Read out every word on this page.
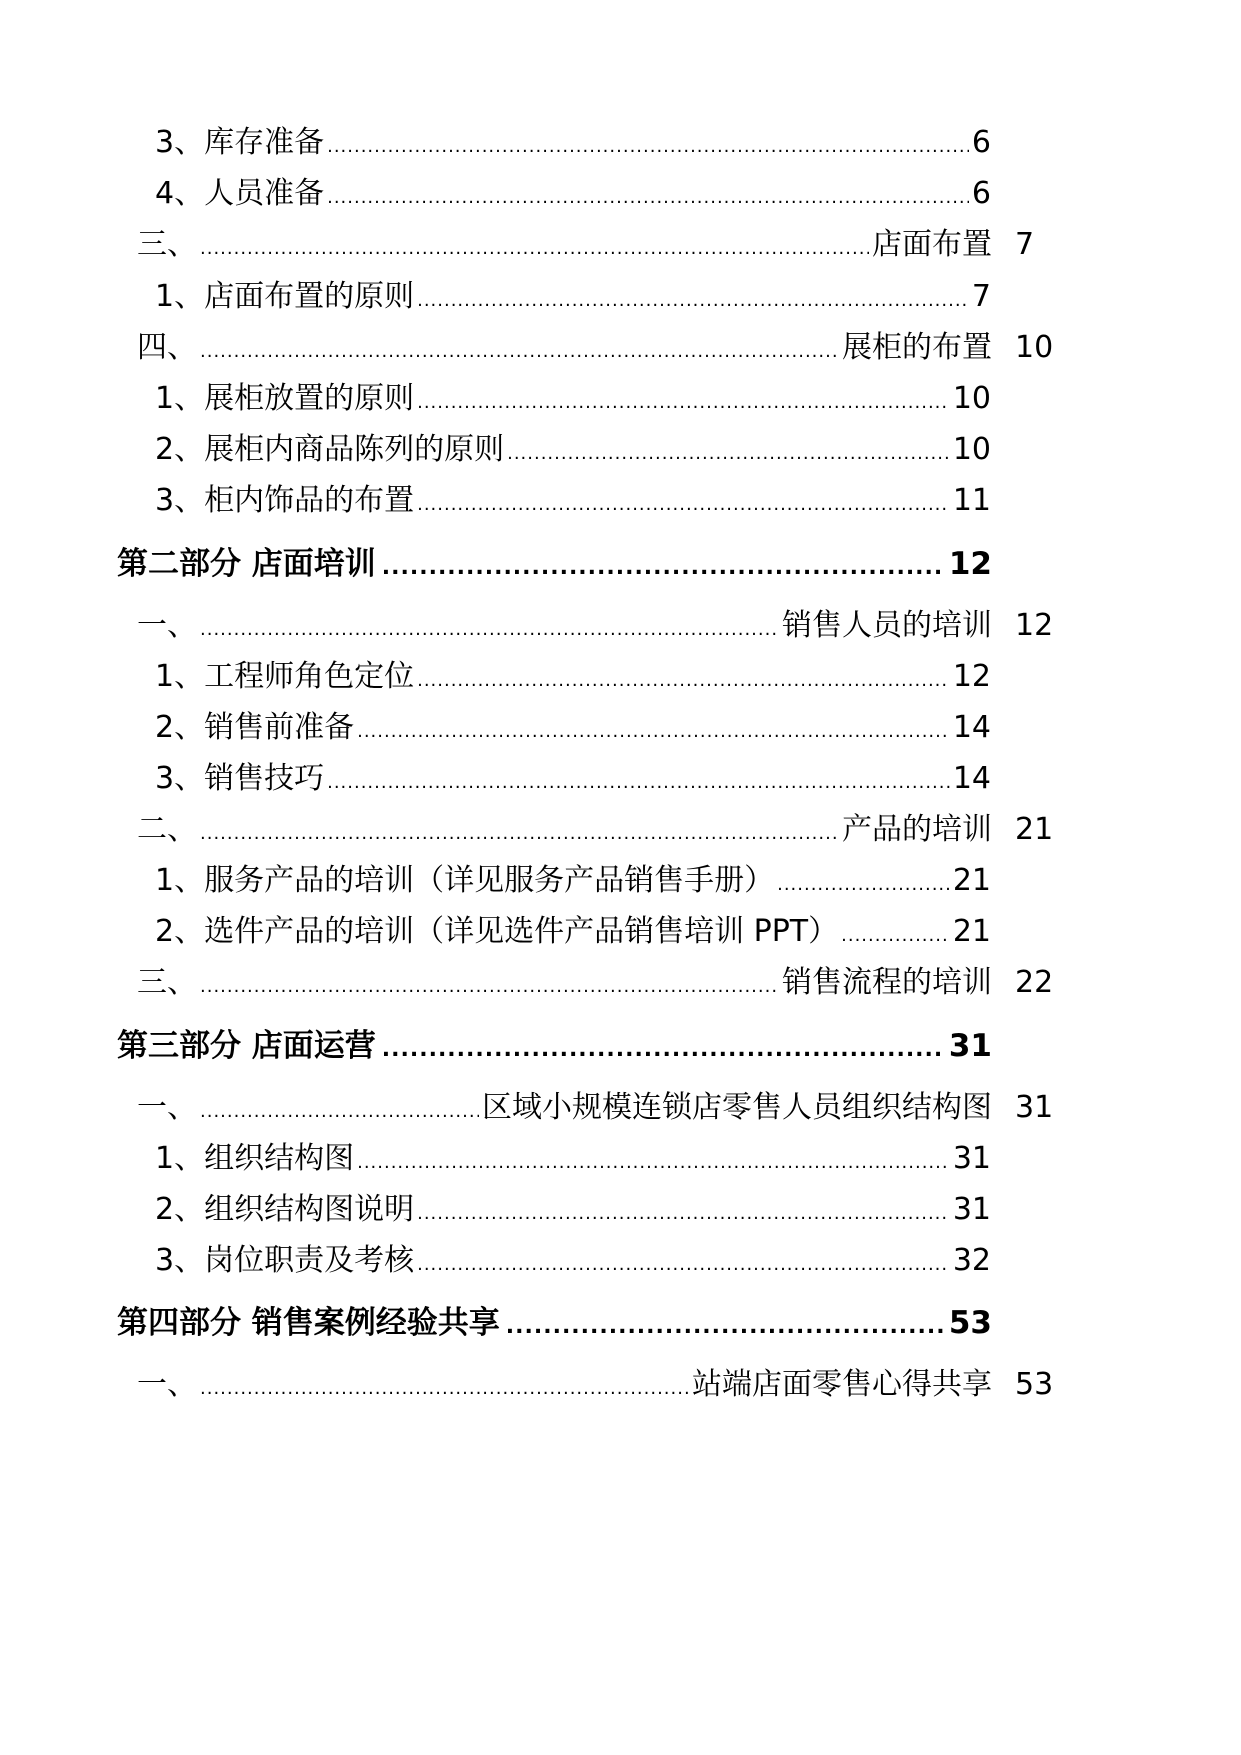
3、 库存准备 .....	6
4、 人员准备 .....	6
三、 .....	店面布置 7
1、 店面布置的原则 .....	7
四、 .....	展柜的布置 10
1、 展柜放置的原则 .....	10
2、 展柜内商品陈列的原则 .....	10
3、 柜内饰品的布置 .....	11
第二部分 店面培训 .....	12
一、 .....	销售人员的培训 12
1、 工程师角色定位 .....	12
2、 销售前准备 .....	14
3、 销售技巧 .....	14
二、 .....	产品的培训 21
1、 服务产品的培训（详见服务产品销售手册） .....	21
2、 选件产品的培训（详见选件产品销售培训 PPT） .....	21
三、 .....	销售流程的培训 22
第三部分 店面运营 .....	31
一、 .....	区域小规模连锁店零售人员组织结构图 31
1、 组织结构图 .....	31
2、 组织结构图说明 .....	31
3、 岗位职责及考核 .....	32
第四部分 销售案例经验共享 .....	53
一、 .....	站端店面零售心得共享 53
